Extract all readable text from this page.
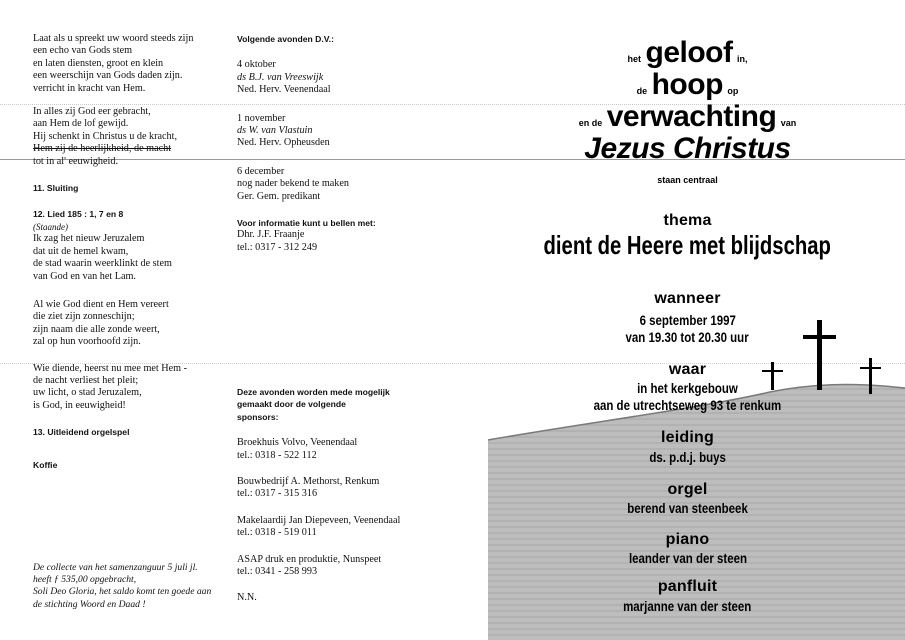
Laat als u spreekt uw woord steeds zijn
een echo van Gods stem
en laten diensten, groot en klein
een weerschijn van Gods daden zijn.
verricht in kracht van Hem.
In alles zij God eer gebracht,
aan Hem de lof gewijd.
Hij schenkt in Christus u de kracht,
Hem zij de heerlijkheid, de macht
tot in al' eeuwigheid.
11. Sluiting
12. Lied 185 : 1, 7 en 8
(Staande)
Ik zag het nieuw Jeruzalem
dat uit de hemel kwam,
de stad waarin weerklinkt de stem
van God en van het Lam.
Al wie God dient en Hem vereert
die ziet zijn zonneschijn;
zijn naam die alle zonde weert,
zal op hun voorhoofd zijn.
Wie diende, heerst nu mee met Hem -
de nacht verliest het pleit;
uw licht, o stad Jeruzalem,
is God, in eeuwigheid!
13. Uitleidend orgelspel
Koffie
De collecte van het samenzanguur 5 juli jl.
heeft ƒ 535,00 opgebracht,
Soli Deo Gloria, het saldo komt ten goede aan
de stichting Woord en Daad !
Volgende avonden D.V.:
4 oktober
ds B.J. van Vreeswijk
Ned. Herv. Veenendaal
1 november
ds W. van Vlastuin
Ned. Herv. Opheusden
6 december
nog nader bekend te maken
Ger. Gem. predikant
Voor informatie kunt u bellen met:
Dhr. J.F. Fraanje
tel.: 0317 - 312 249
Deze avonden worden mede mogelijk
gemaakt door de volgende
sponsors:
Broekhuis Volvo, Veenendaal
tel.: 0318 - 522 112
Bouwbedrijf A. Methorst, Renkum
tel.: 0317 - 315 316
Makelaardij Jan Diepeveen, Veenendaal
tel.: 0318 - 519 011
ASAP druk en produktie, Nunspeet
tel.: 0341 - 258 993
N.N.
het geloof in,
de hoop op
en de verwachting van
Jezus Christus
staan centraal
thema
dient de Heere met blijdschap
wanneer
6 september 1997
van 19.30 tot 20.30 uur
waar
in het kerkgebouw
aan de utrechtseweg 93 te renkum
leiding
ds. p.d.j. buys
orgel
berend van steenbeek
piano
leander van der steen
panfluit
marjanne van der steen
